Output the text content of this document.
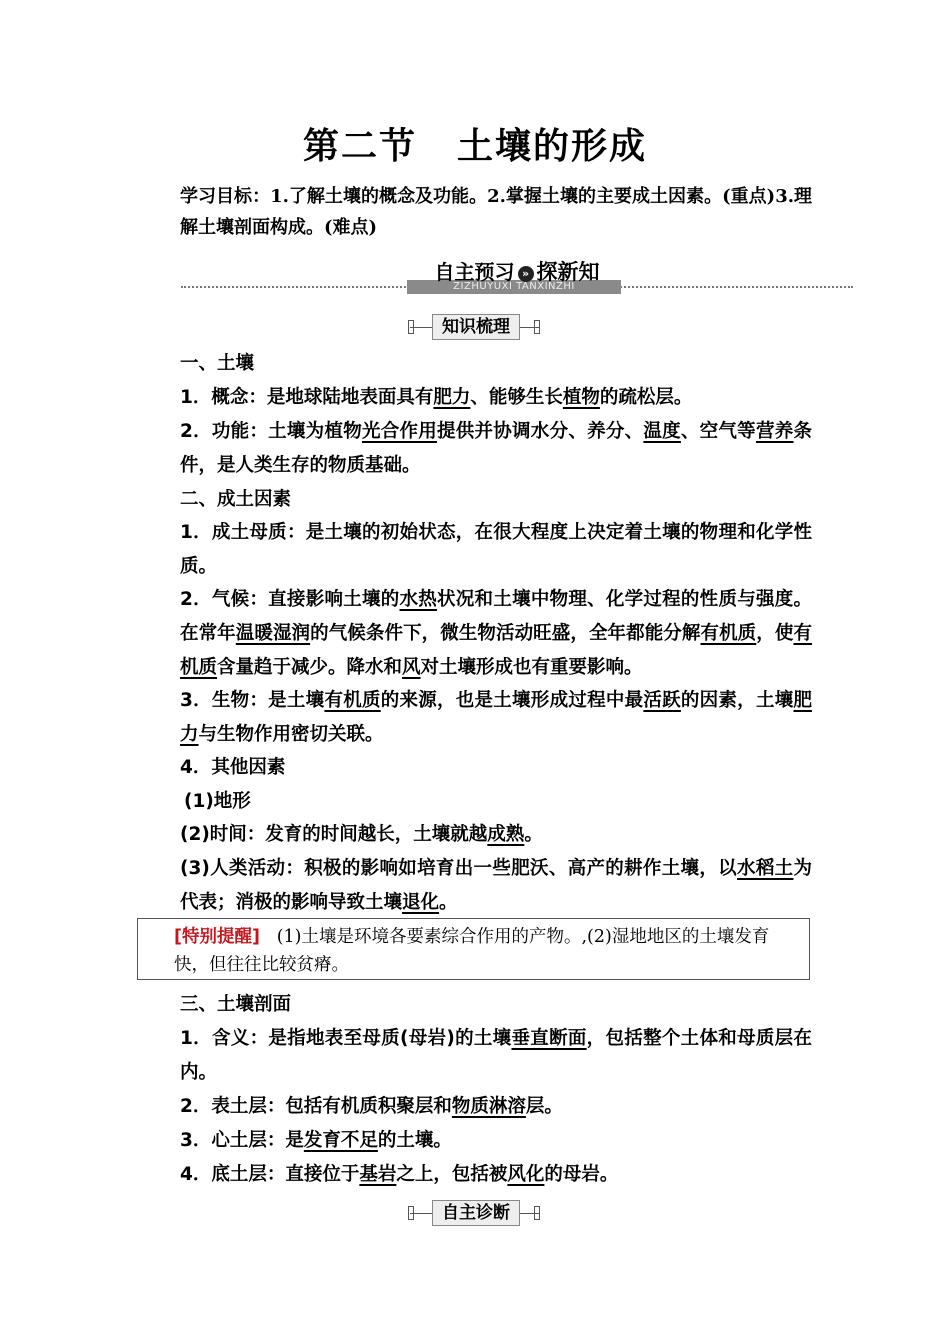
第二节 土壤的形成
学习目标：1.了解土壤的概念及功能。2.掌握土壤的主要成土因素。(重点)3.理解土壤剖面构成。(难点)
ZIZHUYUXI TANXINZHI
自主预习 » 探新知
知识梳理
一、土壤
1．概念：是地球陆地表面具有肥力、能够生长植物的疏松层。
2．功能：土壤为植物光合作用提供并协调水分、养分、温度、空气等营养条件，是人类生存的物质基础。
二、成土因素
1．成土母质：是土壤的初始状态，在很大程度上决定着土壤的物理和化学性质。
2．气候：直接影响土壤的水热状况和土壤中物理、化学过程的性质与强度。在常年温暖湿润的气候条件下，微生物活动旺盛，全年都能分解有机质，使有机质含量趋于减少。降水和风对土壤形成也有重要影响。
3．生物：是土壤有机质的来源，也是土壤形成过程中最活跃的因素，土壤肥力与生物作用密切关联。
4．其他因素
(1)地形
(2)时间：发育的时间越长，土壤就越成熟。
(3)人类活动：积极的影响如培育出一些肥沃、高产的耕作土壤，以水稻土为代表；消极的影响导致土壤退化。
[特别提醒] (1)土壤是环境各要素综合作用的产物。,(2)湿地地区的土壤发育快，但往往比较贫瘠。
三、土壤剖面
1．含义：是指地表至母质(母岩)的土壤垂直断面，包括整个土体和母质层在内。
2．表土层：包括有机质积聚层和物质淋溶层。
3．心土层：是发育不足的土壤。
4．底土层：直接位于基岩之上，包括被风化的母岩。
自主诊断
